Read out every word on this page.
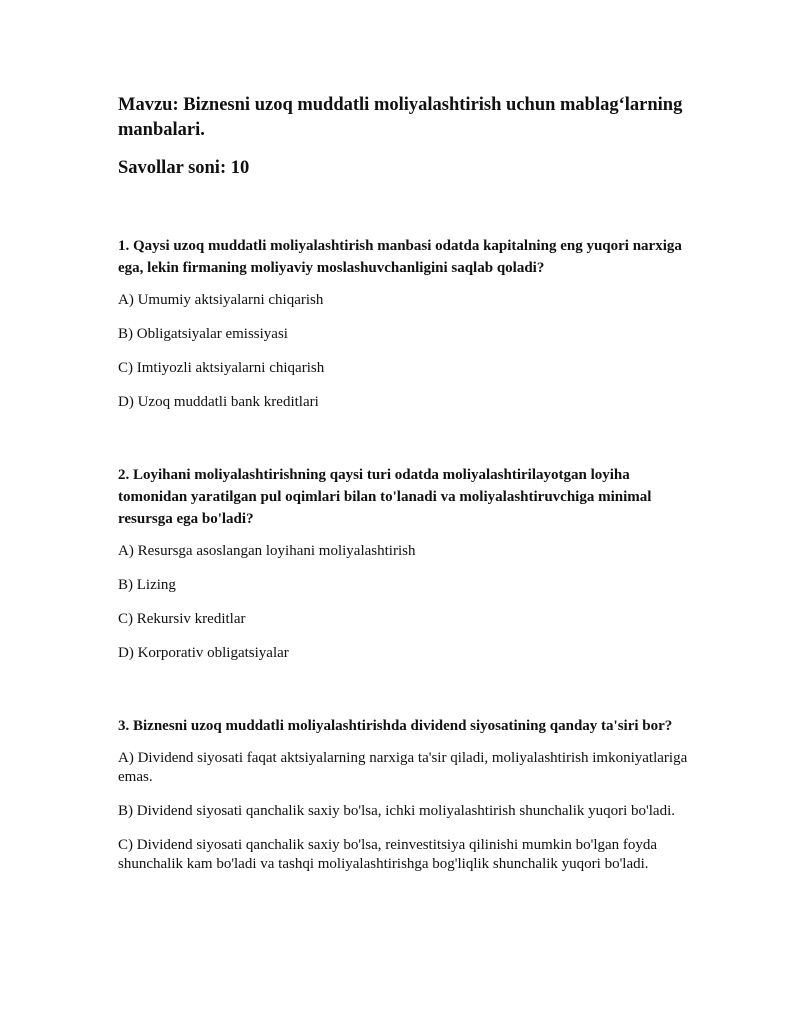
Mavzu: Biznesni uzoq muddatli moliyalashtirish uchun mablag‘larning manbalari.

Savollar soni: 10

1. Qaysi uzoq muddatli moliyalashtirish manbasi odatda kapitalning eng yuqori narxiga ega, lekin firmaning moliyaviy moslashuvchanligini saqlab qoladi?

A) Umumiy aktsiyalarni chiqarish

B) Obligatsiyalar emissiyasi

C) Imtiyozli aktsiyalarni chiqarish

D) Uzoq muddatli bank kreditlari

2. Loyihani moliyalashtirishning qaysi turi odatda moliyalashtirilayotgan loyiha tomonidan yaratilgan pul oqimlari bilan to'lanadi va moliyalashtiruvchiga minimal resursga ega bo'ladi?

A) Resursga asoslangan loyihani moliyalashtirish

B) Lizing

C) Rekursiv kreditlar

D) Korporativ obligatsiyalar

3. Biznesni uzoq muddatli moliyalashtirishda dividend siyosatining qanday ta'siri bor?

A) Dividend siyosati faqat aktsiyalarning narxiga ta'sir qiladi, moliyalashtirish imkoniyatlariga emas.

B) Dividend siyosati qanchalik saxiy bo'lsa, ichki moliyalashtirish shunchalik yuqori bo'ladi.

C) Dividend siyosati qanchalik saxiy bo'lsa, reinvestitsiya qilinishi mumkin bo'lgan foyda shunchalik kam bo'ladi va tashqi moliyalashtirishga bog'liqlik shunchalik yuqori bo'ladi.
